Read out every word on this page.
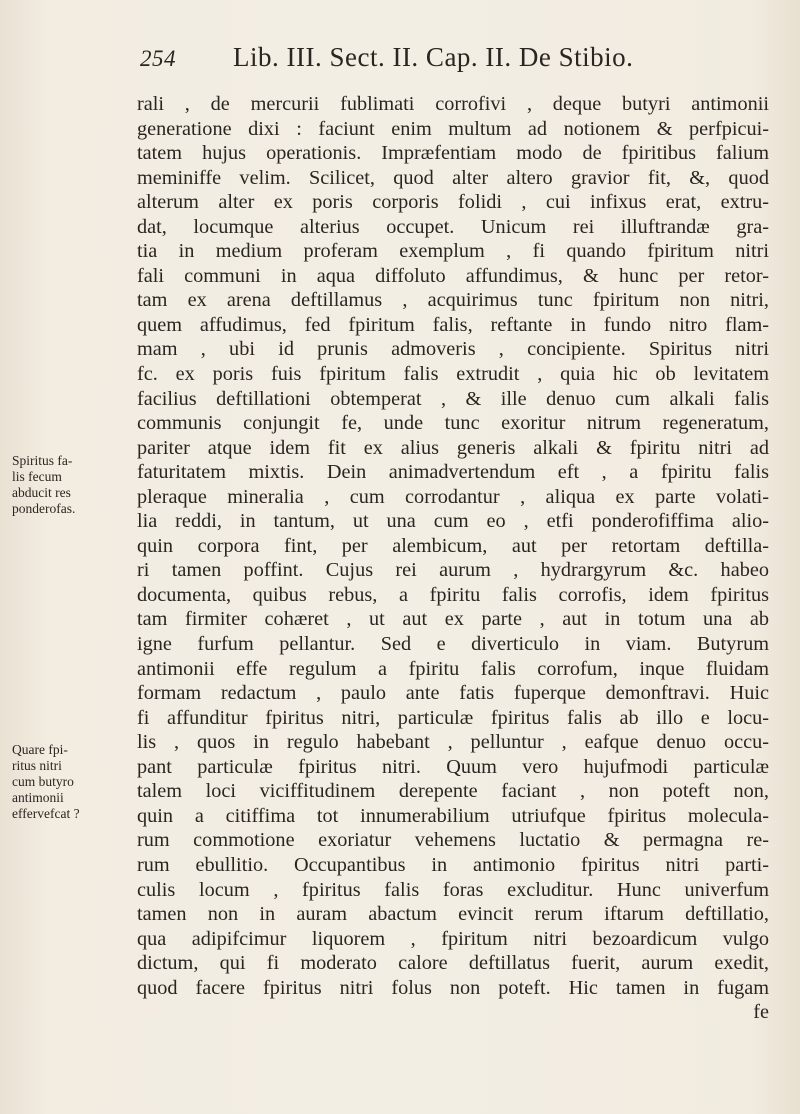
254 Lib. III. Sect. II. Cap. II. De Stibio.
rali , de mercurii fublimati corrofivi , deque butyri antimonii
generatione dixi : faciunt enim multum ad notionem & perfpicui-
tatem hujus operationis. Impræfentiam modo de fpiritibus falium
meminiffe velim. Scilicet, quod alter altero gravior fit, &, quod
alterum alter ex poris corporis folidi , cui infixus erat, extru-
dat, locumque alterius occupet. Unicum rei illuftrandæ gra-
tia in medium proferam exemplum , fi quando fpiritum nitri
fali communi in aqua diffoluto affundimus, & hunc per retor-
tam ex arena deftillamus , acquirimus tunc fpiritum non nitri,
quem affudimus, fed fpiritum falis, reftante in fundo nitro flam-
mam , ubi id prunis admoveris , concipiente. Spiritus nitri
fc. ex poris fuis fpiritum falis extrudit , quia hic ob levitatem
facilius deftillationi obtemperat , & ille denuo cum alkali falis
communis conjungit fe, unde tunc exoritur nitrum regeneratum,
pariter atque idem fit ex alius generis alkali & fpiritu nitri ad
faturitatem mixtis. Dein animadvertendum eft , a fpiritu falis
pleraque mineralia , cum corrodantur , aliqua ex parte volati-
lia reddi, in tantum, ut una cum eo , etfi ponderofiffima alio-
quin corpora fint, per alembicum, aut per retortam deftilla-
ri tamen poffint. Cujus rei aurum , hydrargyrum &c. habeo
documenta, quibus rebus, a fpiritu falis corrofis, idem fpiritus
tam firmiter cohæret , ut aut ex parte , aut in totum una ab
igne furfum pellantur. Sed e diverticulo in viam. Butyrum
antimonii effe regulum a fpiritu falis corrofum, inque fluidam
formam redactum , paulo ante fatis fuperque demonftravi. Huic
fi affunditur fpiritus nitri, particulæ fpiritus falis ab illo e locu-
lis , quos in regulo habebant , pelluntur , eafque denuo occu-
pant particulæ fpiritus nitri. Quum vero hujufmodi particulæ
talem loci viciffitudinem derepente faciant , non poteft non,
quin a citiffima tot innumerabilium utriufque fpiritus molecula-
rum commotione exoriatur vehemens luctatio & permagna re-
rum ebullitio. Occupantibus in antimonio fpiritus nitri parti-
culis locum , fpiritus falis foras excluditur. Hunc univerfum
tamen non in auram abactum evincit rerum iftarum deftillatio,
qua adipifcimur liquorem , fpiritum nitri bezoardicum vulgo
dictum, qui fi moderato calore deftillatus fuerit, aurum exedit,
quod facere fpiritus nitri folus non poteft. Hic tamen in fugam
fe
Spiritus fa-
lis fecum
abducit res
ponderofas.
Quare fpi-
ritus nitri
cum butyro
antimonii
effervefcat ?
